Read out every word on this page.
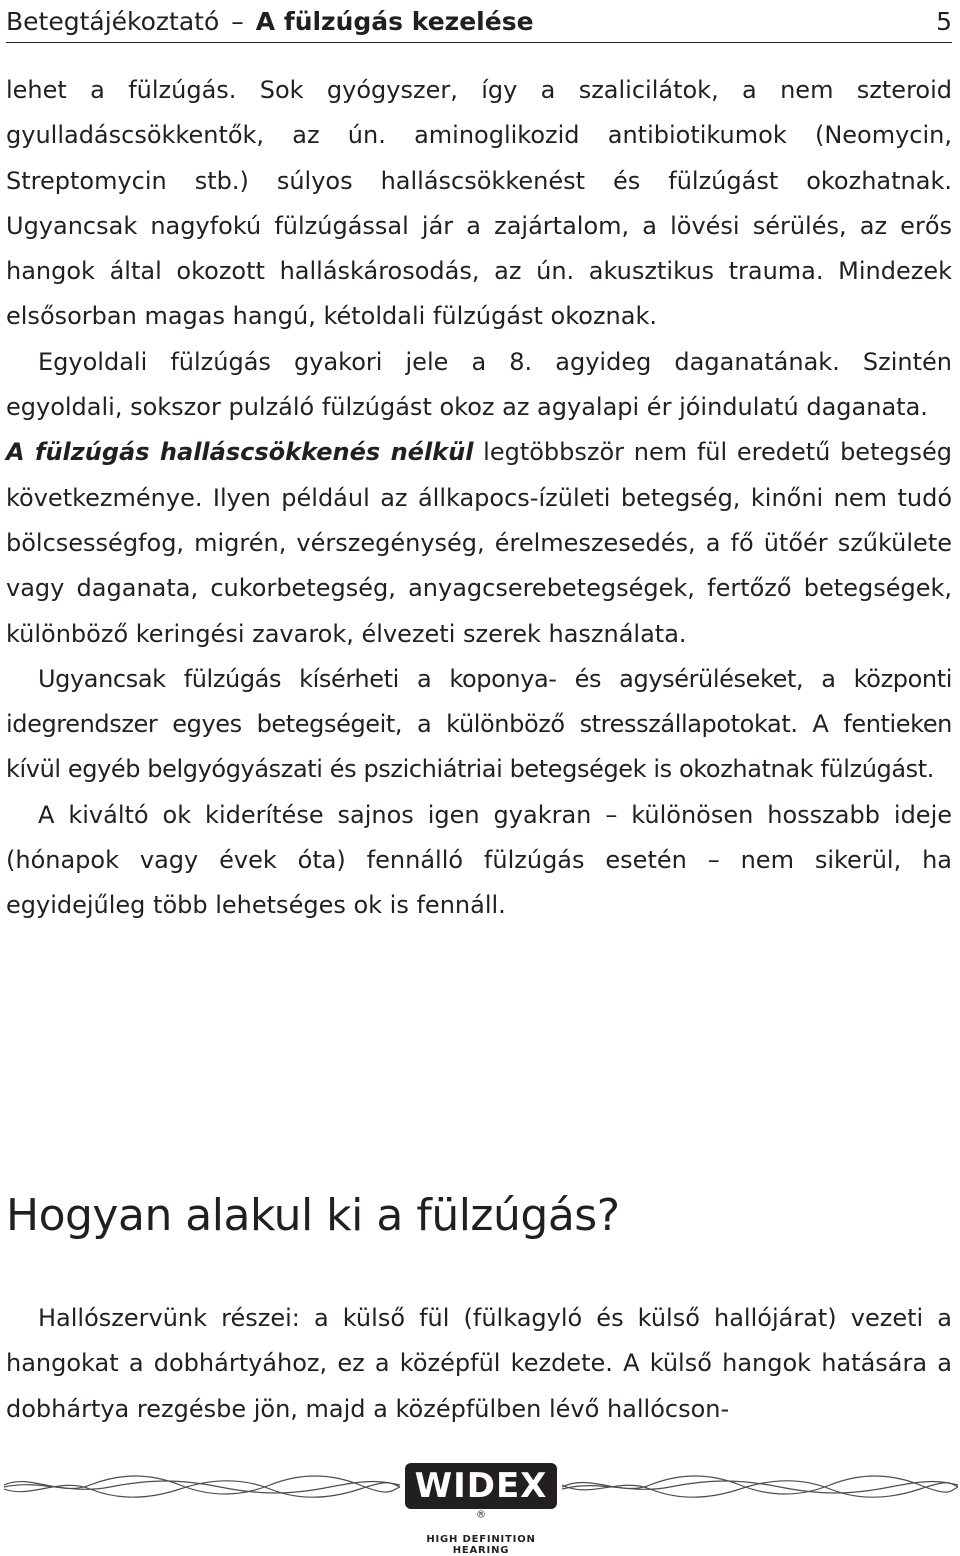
Betegtájékoztató – A fülzúgás kezelése	5

lehet a fülzúgás. Sok gyógyszer, így a szalicilátok, a nem szteroid gyulladáscsökkentők, az ún. aminoglikozid antibiotikumok (Neomycin, Streptomycin stb.) súlyos halláscsökkenést és fülzúgást okozhatnak. Ugyancsak nagyfokú fülzúgással jár a zajártalom, a lövési sérülés, az erős hangok által okozott halláskárosodás, az ún. akusztikus trauma. Mindezek elsősorban magas hangú, kétoldali fülzúgást okoznak.

Egyoldali fülzúgás gyakori jele a 8. agyideg daganatának. Szintén egyoldali, sokszor pulzáló fülzúgást okoz az agyalapi ér jóindulatú daganata.

A fülzúgás halláscsökkenés nélkül legtöbbször nem fül eredetű betegség következménye. Ilyen például az állkapocs-ízületi betegség, kinőni nem tudó bölcsességfog, migrén, vérszegénység, érelmeszesedés, a fő ütőér szűkülete vagy daganata, cukorbetegség, anyagcserebetegségek, fertőző betegségek, különböző keringési zavarok, élvezeti szerek használata.

Ugyancsak fülzúgás kísérheti a koponya- és agysérüléseket, a központi idegrendszer egyes betegségeit, a különböző stresszállapotokat. A fentieken kívül egyéb belgyógyászati és pszichiátriai betegségek is okozhatnak fülzúgást.

A kiváltó ok kiderítése sajnos igen gyakran – különösen hosszabb ideje (hónapok vagy évek óta) fennálló fülzúgás esetén – nem sikerül, ha egyidejűleg több lehetséges ok is fennáll.

Hogyan alakul ki a fülzúgás?

Hallószervünk részei: a külső fül (fülkagyló és külső hallójárat) vezeti a hangokat a dobhártyához, ez a középfül kezdete. A külső hangok hatására a dobhártya rezgésbe jön, majd a középfülben lévő hallócson-

WIDEX®
HIGH DEFINITION HEARING
